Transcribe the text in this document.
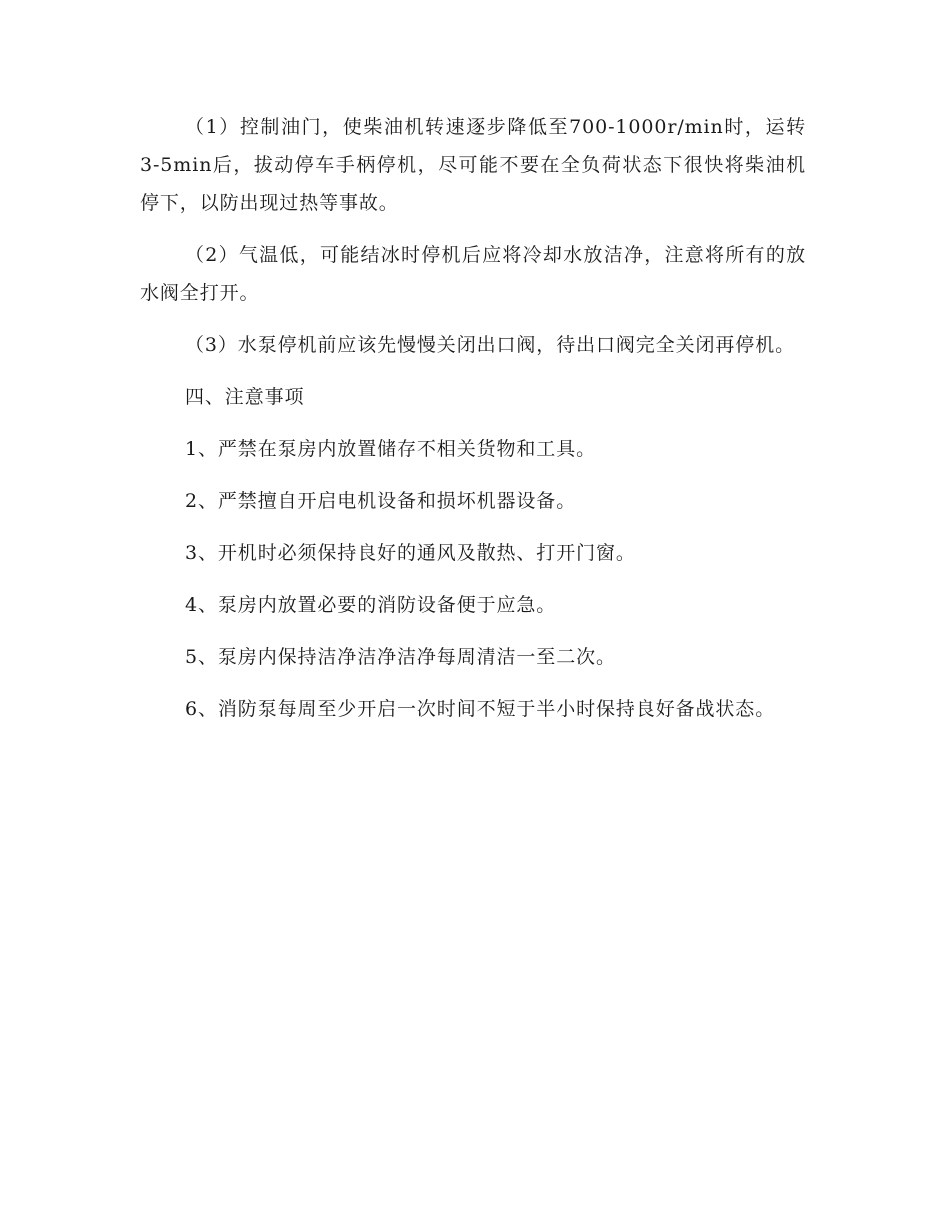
（1）控制油门，使柴油机转速逐步降低至700-1000r/min时，运转3-5min后，拔动停车手柄停机，尽可能不要在全负荷状态下很快将柴油机停下，以防出现过热等事故。

（2）气温低，可能结冰时停机后应将冷却水放洁净，注意将所有的放水阀全打开。

（3）水泵停机前应该先慢慢关闭出口阀，待出口阀完全关闭再停机。

四、注意事项

1、严禁在泵房内放置储存不相关货物和工具。

2、严禁擅自开启电机设备和损坏机器设备。

3、开机时必须保持良好的通风及散热、打开门窗。

4、泵房内放置必要的消防设备便于应急。

5、泵房内保持洁净洁净洁净每周清洁一至二次。

6、消防泵每周至少开启一次时间不短于半小时保持良好备战状态。
